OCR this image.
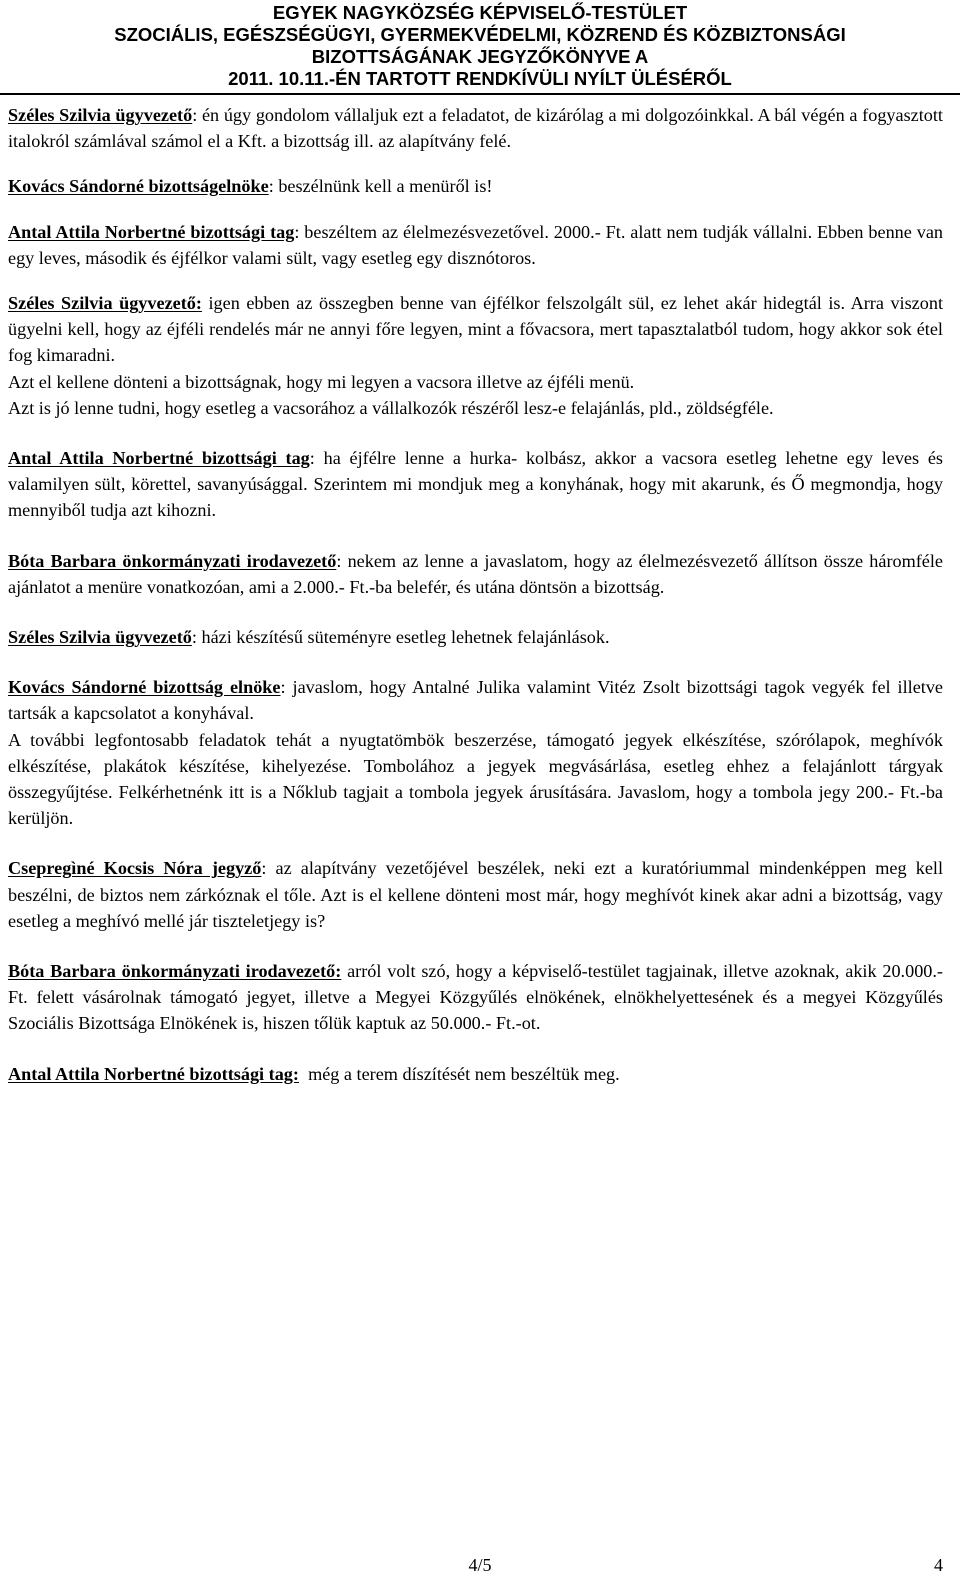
EGYEK NAGYKÖZSÉG KÉPVISELŐ-TESTÜLET
SZOCIÁLIS, EGÉSZSÉGÜGYI, GYERMEKVÉDELMI, KÖZREND ÉS KÖZBIZTONSÁGI
BIZOTTSÁGÁNAK JEGYZŐKÖNYVE A
2011. 10.11.-ÉN TARTOTT RENDKÍVÜLI NYÍLT ÜLÉSÉRŐL

Széles Szilvia ügyvezető: én úgy gondolom vállaljuk ezt a feladatot, de kizárólag a mi dolgozóinkkal. A bál végén a fogyasztott italokról számlával számol el a Kft. a bizottság ill. az alapítvány felé.

Kovács Sándorné bizottságelnöke: beszélnünk kell a menüről is!

Antal Attila Norbertné bizottsági tag: beszéltem az élelmezésvezetővel. 2000.- Ft. alatt nem tudják vállalni. Ebben benne van egy leves, második és éjfélkor valami sült, vagy esetleg egy disznótoros.

Széles Szilvia ügyvezető: igen ebben az összegben benne van éjfélkor felszolgált sül, ez lehet akár hidegtál is. Arra viszont ügyelni kell, hogy az éjféli rendelés már ne annyi főre legyen, mint a fővacsora, mert tapasztalatból tudom, hogy akkor sok étel fog kimaradni.

Azt el kellene dönteni a bizottságnak, hogy mi legyen a vacsora illetve az éjféli menü.

Azt is jó lenne tudni, hogy esetleg a vacsorához a vállalkozók részéről lesz-e felajánlás, pld., zöldségféle.

Antal Attila Norbertné bizottsági tag: ha éjfélre lenne a hurka- kolbász, akkor a vacsora esetleg lehetne egy leves és valamilyen sült, körettel, savanyúsággal. Szerintem mi mondjuk meg a konyhának, hogy mit akarunk, és Ő megmondja, hogy mennyiből tudja azt kihozni.

Bóta Barbara önkormányzati irodavezető: nekem az lenne a javaslatom, hogy az élelmezésvezető állítson össze háromféle ajánlatot a menüre vonatkozóan, ami a 2.000.- Ft.-ba belefér, és utána döntsön a bizottság.

Széles Szilvia ügyvezető: házi készítésű süteményre esetleg lehetnek felajánlások.

Kovács Sándorné bizottság elnöke: javaslom, hogy Antalné Julika valamint Vitéz Zsolt bizottsági tagok vegyék fel illetve tartsák a kapcsolatot a konyhával.

A további legfontosabb feladatok tehát a nyugtatömbök beszerzése, támogató jegyek elkészítése, szórólapok, meghívók elkészítése, plakátok készítése, kihelyezése. Tombolához a jegyek megvásárlása, esetleg ehhez a felajánlott tárgyak összegyűjtése. Felkérhetnénk itt is a Nőklub tagjait a tombola jegyek árusítására. Javaslom, hogy a tombola jegy 200.- Ft.-ba kerüljön.

Csepregìné Kocsis Nóra jegyző: az alapítvány vezetőjével beszélek, neki ezt a kuratóriummal mindenképpen meg kell beszélni, de biztos nem zárkóznak el tőle. Azt is el kellene dönteni most már, hogy meghívót kinek akar adni a bizottság, vagy esetleg a meghívó mellé jár tiszteletjegy is?

Bóta Barbara önkormányzati irodavezető: arról volt szó, hogy a képviselő-testület tagjainak, illetve azoknak, akik 20.000.- Ft. felett vásárolnak támogató jegyet, illetve a Megyei Közgyűlés elnökének, elnökhelyettesének és a megyei Közgyűlés Szociális Bizottsága Elnökének is, hiszen tőlük kaptuk az 50.000.- Ft.-ot.

Antal Attila Norbertné bizottsági tag:  még a terem díszítését nem beszéltük meg.

4/5	4
